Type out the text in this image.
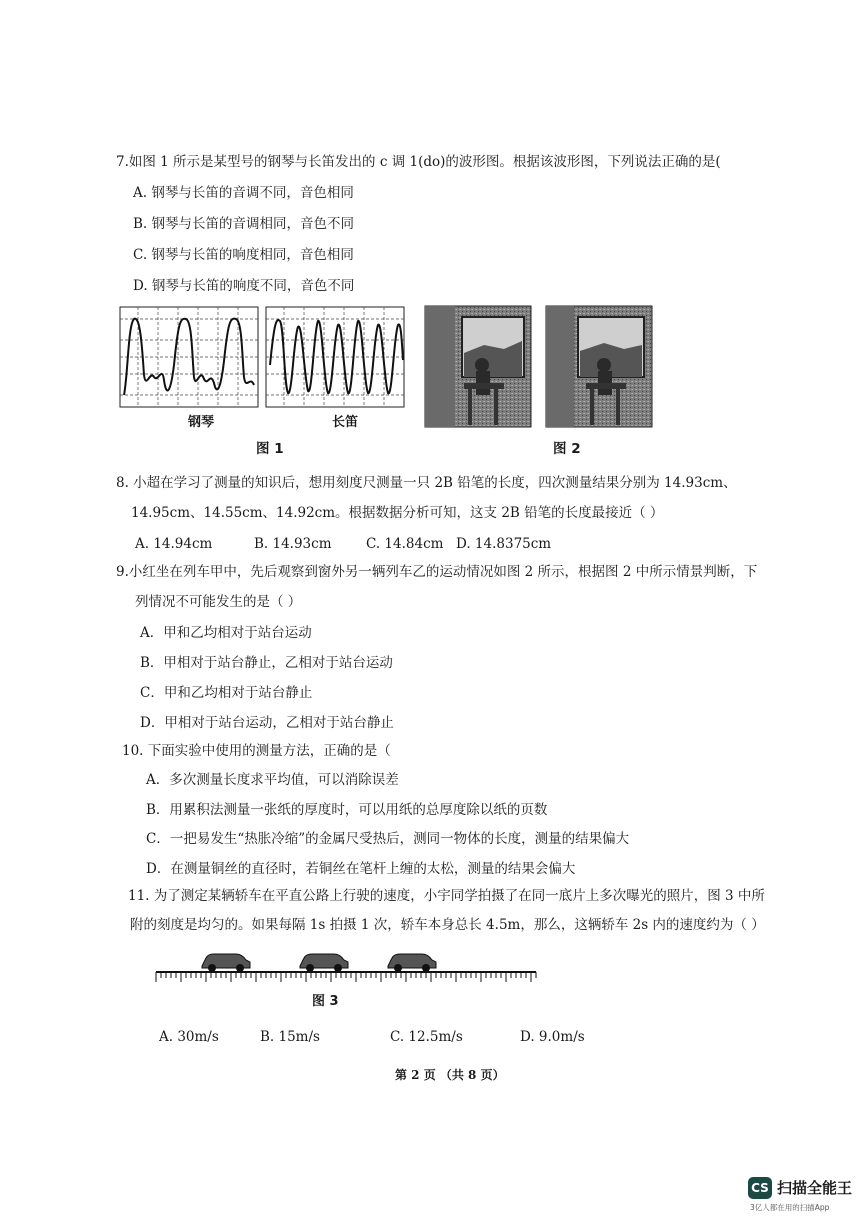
7.如图 1 所示是某型号的钢琴与长笛发出的 c 调 1(do)的波形图。根据该波形图，下列说法正确的是(
A. 钢琴与长笛的音调不同，音色相同
B. 钢琴与长笛的音调相同，音色不同
C. 钢琴与长笛的响度相同，音色相同
D. 钢琴与长笛的响度不同，音色不同
钢琴	长笛
图 1	图 2
8. 小超在学习了测量的知识后，想用刻度尺测量一只 2B 铅笔的长度，四次测量结果分别为 14.93cm、
14.95cm、14.55cm、14.92cm。根据数据分析可知，这支 2B 铅笔的长度最接近（ ）
A. 14.94cm	B. 14.93cm	C. 14.84cm D. 14.8375cm
9.小红坐在列车甲中，先后观察到窗外另一辆列车乙的运动情况如图 2 所示，根据图 2 中所示情景判断，下
列情况不可能发生的是（ ）
A．甲和乙均相对于站台运动
B．甲相对于站台静止，乙相对于站台运动
C．甲和乙均相对于站台静止
D．甲相对于站台运动，乙相对于站台静止
10. 下面实验中使用的测量方法，正确的是（
A．多次测量长度求平均值，可以消除误差
B．用累积法测量一张纸的厚度时，可以用纸的总厚度除以纸的页数
C．一把易发生“热胀冷缩”的金属尺受热后，测同一物体的长度，测量的结果偏大
D．在测量铜丝的直径时，若铜丝在笔杆上缠的太松，测量的结果会偏大
11. 为了测定某辆轿车在平直公路上行驶的速度，小宇同学拍摄了在同一底片上多次曝光的照片，图 3 中所
附的刻度是均匀的。如果每隔 1s 拍摄 1 次，轿车本身总长 4.5m，那么，这辆轿车 2s 内的速度约为（ ）
图 3
A. 30m/s	B. 15m/s	C. 12.5m/s	D. 9.0m/s
第 2 页 （共 8 页）
CS 扫描全能王
3亿人都在用的扫描App
